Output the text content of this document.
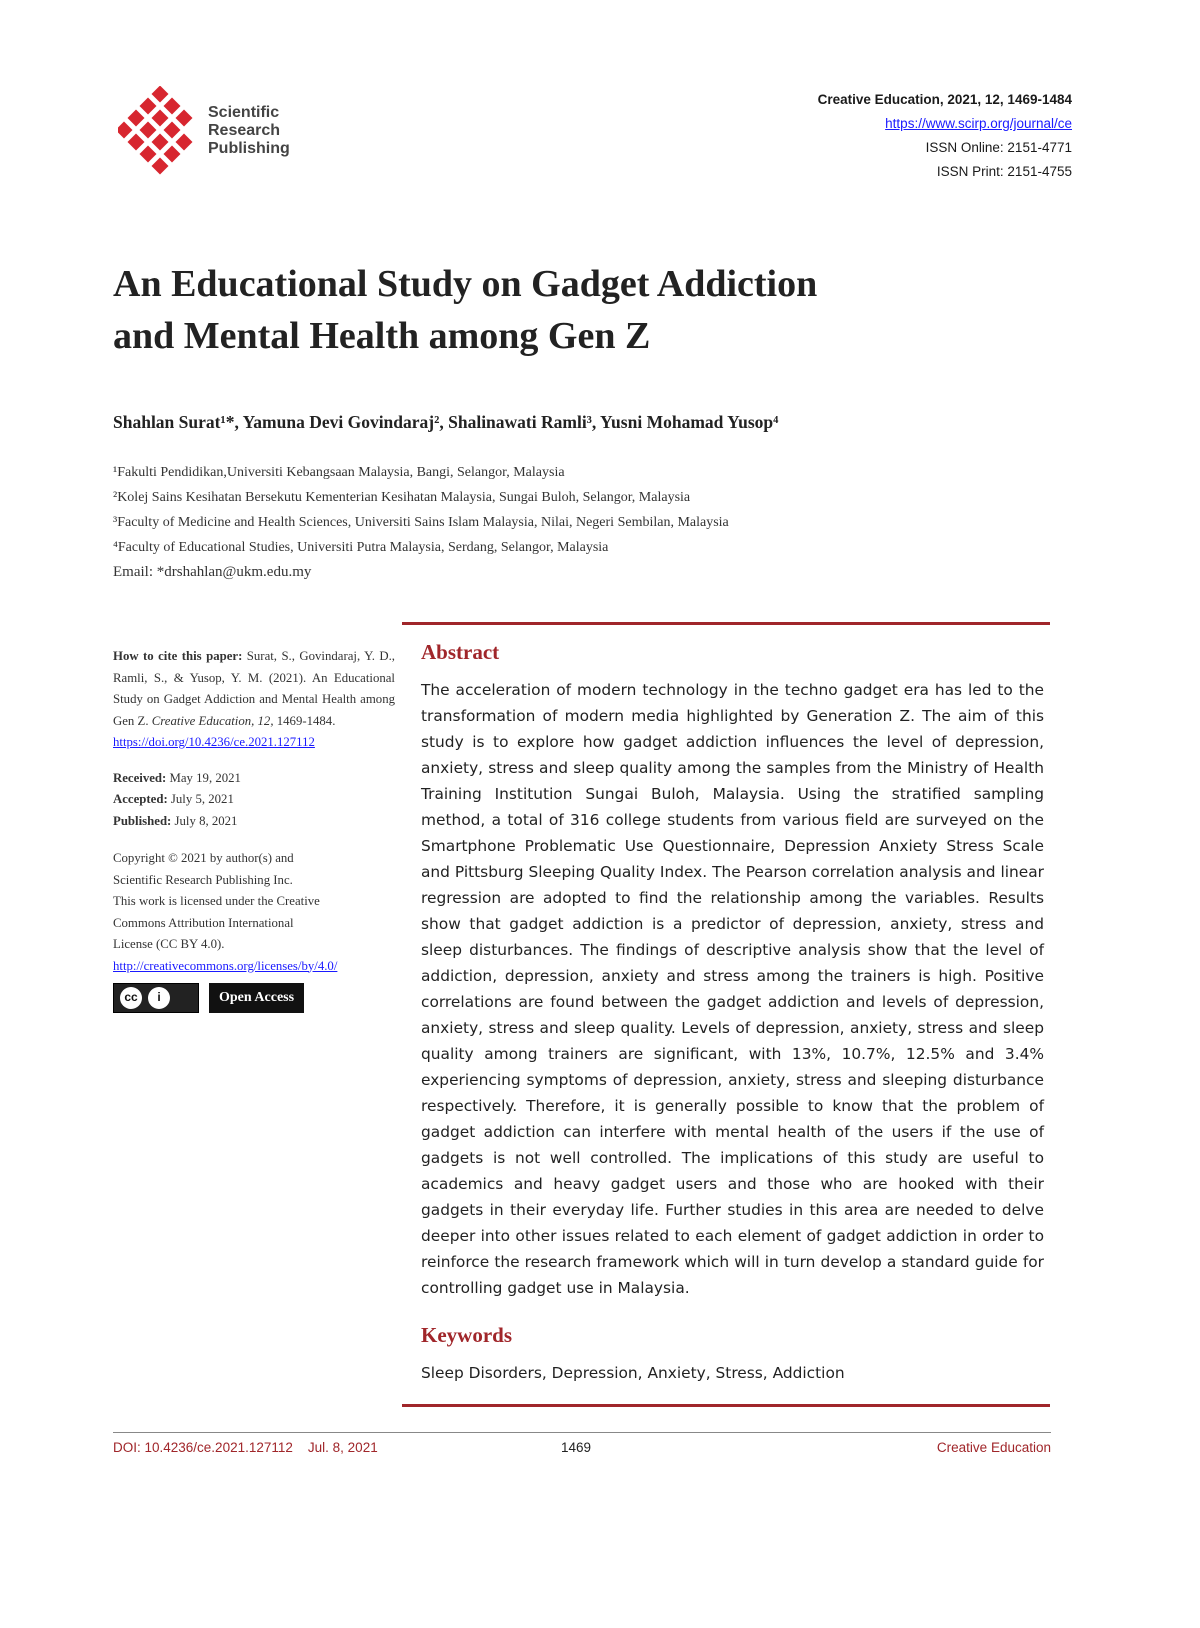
Scientific
Research
Publishing
Creative Education, 2021, 12, 1469-1484
https://www.scirp.org/journal/ce
ISSN Online: 2151-4771
ISSN Print: 2151-4755
An Educational Study on Gadget Addiction
and Mental Health among Gen Z
Shahlan Surat¹*, Yamuna Devi Govindaraj², Shalinawati Ramli³, Yusni Mohamad Yusop⁴
¹Fakulti Pendidikan,Universiti Kebangsaan Malaysia, Bangi, Selangor, Malaysia
²Kolej Sains Kesihatan Bersekutu Kementerian Kesihatan Malaysia, Sungai Buloh, Selangor, Malaysia
³Faculty of Medicine and Health Sciences, Universiti Sains Islam Malaysia, Nilai, Negeri Sembilan, Malaysia
⁴Faculty of Educational Studies, Universiti Putra Malaysia, Serdang, Selangor, Malaysia
Email: *drshahlan@ukm.edu.my
How to cite this paper: Surat, S., Govindaraj, Y. D., Ramli, S., & Yusop, Y. M. (2021). An Educational Study on Gadget Addiction and Mental Health among Gen Z. Creative Education, 12, 1469-1484.
https://doi.org/10.4236/ce.2021.127112
Received: May 19, 2021
Accepted: July 5, 2021
Published: July 8, 2021
Copyright © 2021 by author(s) and
Scientific Research Publishing Inc.
This work is licensed under the Creative
Commons Attribution International
License (CC BY 4.0).
http://creativecommons.org/licenses/by/4.0/
cc	i	Open Access
Abstract

The acceleration of modern technology in the techno gadget era has led to the transformation of modern media highlighted by Generation Z. The aim of this study is to explore how gadget addiction influences the level of depression, anxiety, stress and sleep quality among the samples from the Ministry of Health Training Institution Sungai Buloh, Malaysia. Using the stratified sampling method, a total of 316 college students from various field are surveyed on the Smartphone Problematic Use Questionnaire, Depression Anxiety Stress Scale and Pittsburg Sleeping Quality Index. The Pearson correlation analysis and linear regression are adopted to find the relationship among the variables. Results show that gadget addiction is a predictor of depression, anxiety, stress and sleep disturbances. The findings of descriptive analysis show that the level of addiction, depression, anxiety and stress among the trainers is high. Positive correlations are found between the gadget addiction and levels of depression, anxiety, stress and sleep quality. Levels of depression, anxiety, stress and sleep quality among trainers are significant, with 13%, 10.7%, 12.5% and 3.4% experiencing symptoms of depression, anxiety, stress and sleeping disturbance respectively. Therefore, it is generally possible to know that the problem of gadget addiction can interfere with mental health of the users if the use of gadgets is not well controlled. The implications of this study are useful to academics and heavy gadget users and those who are hooked with their gadgets in their everyday life. Further studies in this area are needed to delve deeper into other issues related to each element of gadget addiction in order to reinforce the research framework which will in turn develop a standard guide for controlling gadget use in Malaysia.

Keywords
Sleep Disorders, Depression, Anxiety, Stress, Addiction
DOI: 10.4236/ce.2021.127112 Jul. 8, 2021	1469	Creative Education
